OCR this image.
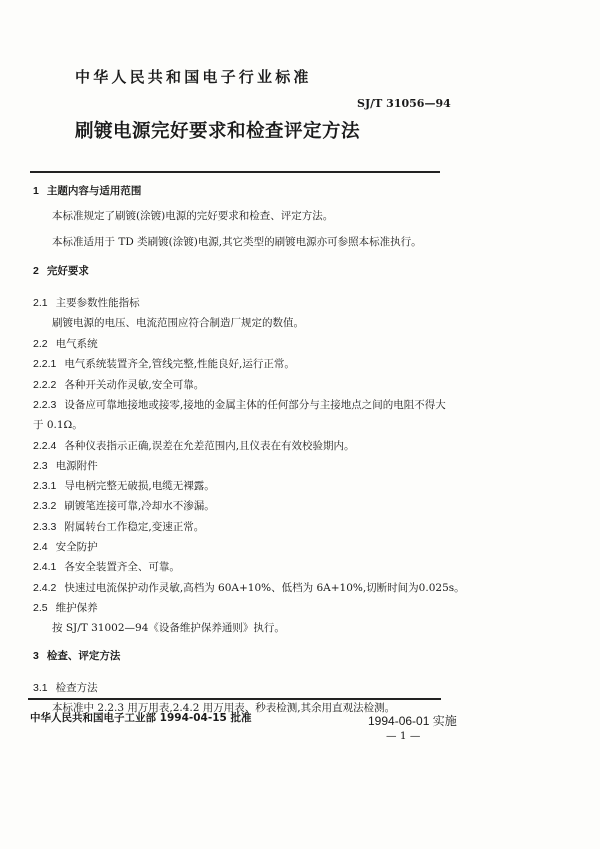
中华人民共和国电子行业标准
SJ/T 31056—94
刷镀电源完好要求和检查评定方法
1 主题内容与适用范围
本标准规定了刷镀(涂镀)电源的完好要求和检查、评定方法。
本标准适用于 TD 类刷镀(涂镀)电源,其它类型的刷镀电源亦可参照本标准执行。
2 完好要求
2.1 主要参数性能指标
刷镀电源的电压、电流范围应符合制造厂规定的数值。
2.2 电气系统
2.2.1 电气系统装置齐全,管线完整,性能良好,运行正常。
2.2.2 各种开关动作灵敏,安全可靠。
2.2.3 设备应可靠地接地或接零,接地的金属主体的任何部分与主接地点之间的电阻不得大
于 0.1Ω。
2.2.4 各种仪表指示正确,误差在允差范围内,且仪表在有效校验期内。
2.3 电源附件
2.3.1 导电柄完整无破损,电缆无裸露。
2.3.2 刷镀笔连接可靠,冷却水不渗漏。
2.3.3 附属转台工作稳定,变速正常。
2.4 安全防护
2.4.1 各安全装置齐全、可靠。
2.4.2 快速过电流保护动作灵敏,高档为 60A+10%、低档为 6A+10%,切断时间为0.025s。
2.5 维护保养
按 SJ/T 31002—94《设备维护保养通则》执行。
3 检查、评定方法
3.1 检查方法
本标准中 2.2.3 用万用表,2.4.2 用万用表、秒表检测,其余用直观法检测。
中华人民共和国电子工业部 1994-04-15 批准	1994-06-01 实施
— 1 —
